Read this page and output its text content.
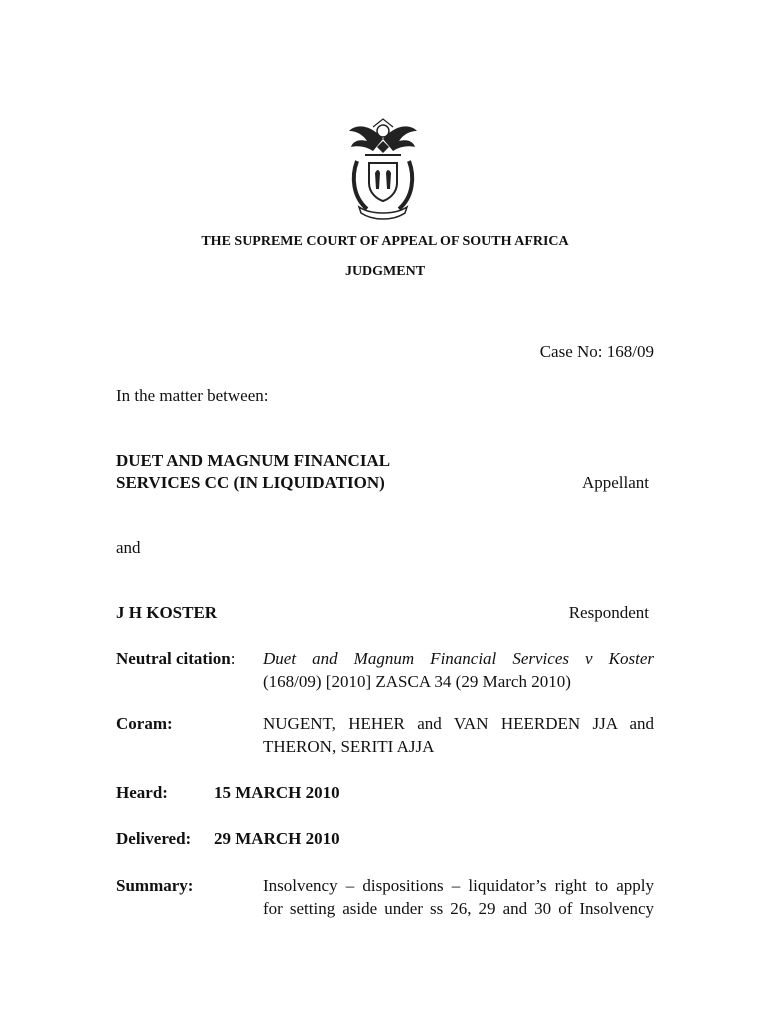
THE SUPREME COURT OF APPEAL OF SOUTH AFRICA
JUDGMENT
Case No: 168/09
In the matter between:
DUET AND MAGNUM FINANCIAL
SERVICES CC (IN LIQUIDATION)	Appellant
and
J H KOSTER	Respondent
Neutral citation: Duet and Magnum Financial Services v Koster
(168/09) [2010] ZASCA 34 (29 March 2010)
Coram:	NUGENT, HEHER and VAN HEERDEN JJA and
THERON, SERITI AJJA
Heard:	15 MARCH 2010
Delivered: 29 MARCH 2010
Summary:	Insolvency – dispositions – liquidator’s right to apply
for setting aside under ss 26, 29 and 30 of Insolvency
